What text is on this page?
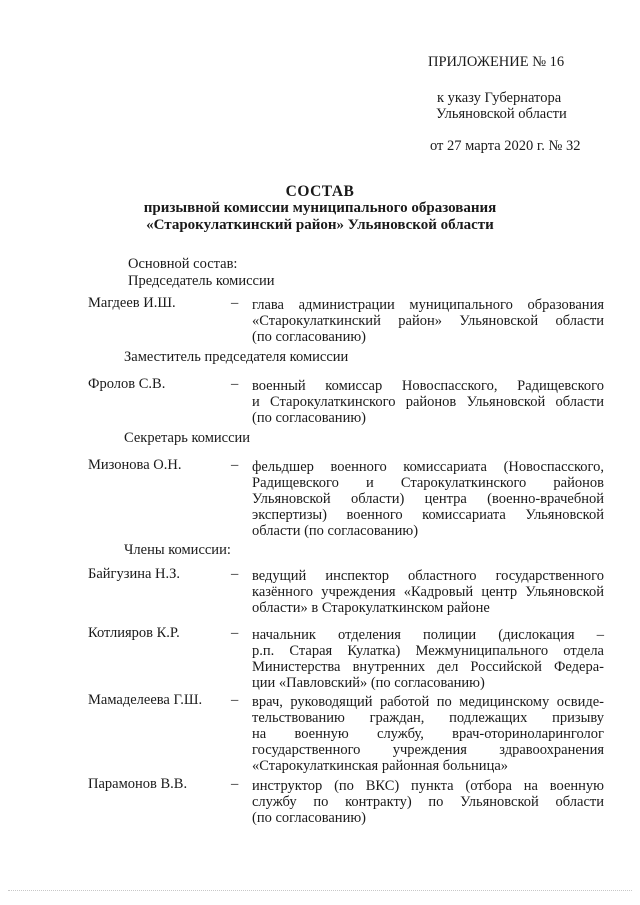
ПРИЛОЖЕНИЕ № 16
к указу Губернатора
Ульяновской области
от 27 марта 2020 г. № 32
СОСТАВ
призывной комиссии муниципального образования
«Старокулаткинский район» Ульяновской области
Основной состав:
Председатель комиссии
Магдеев И.Ш.	– глава администрации муниципального образования
«Старокулаткинский район» Ульяновской области
(по согласованию)
Заместитель председателя комиссии
Фролов С.В.	– военный комиссар Новоспасского, Радищевского
и Старокулаткинского районов Ульяновской области
(по согласованию)
Секретарь комиссии
Мизонова О.Н.	– фельдшер военного комиссариата (Новоспасского,
Радищевского и Старокулаткинского районов
Ульяновской области) центра (военно-врачебной
экспертизы) военного комиссариата Ульяновской
области (по согласованию)
Члены комиссии:
Байгузина Н.З.	– ведущий инспектор областного государственного
казённого учреждения «Кадровый центр Ульяновской
области» в Старокулаткинском районе
Котлияров К.Р.	– начальник отделения полиции (дислокация –
р.п. Старая Кулатка) Межмуниципального отдела
Министерства внутренних дел Российской Федера-
ции «Павловский» (по согласованию)
Мамаделеева Г.Ш. – врач, руководящий работой по медицинскому освиде-
тельствованию граждан, подлежащих призыву
на военную службу, врач-оториноларинголог
государственного учреждения здравоохранения
«Старокулаткинская районная больница»
Парамонов В.В.	– инструктор (по ВКС) пункта (отбора на военную
службу по контракту) по Ульяновской области
(по согласованию)
